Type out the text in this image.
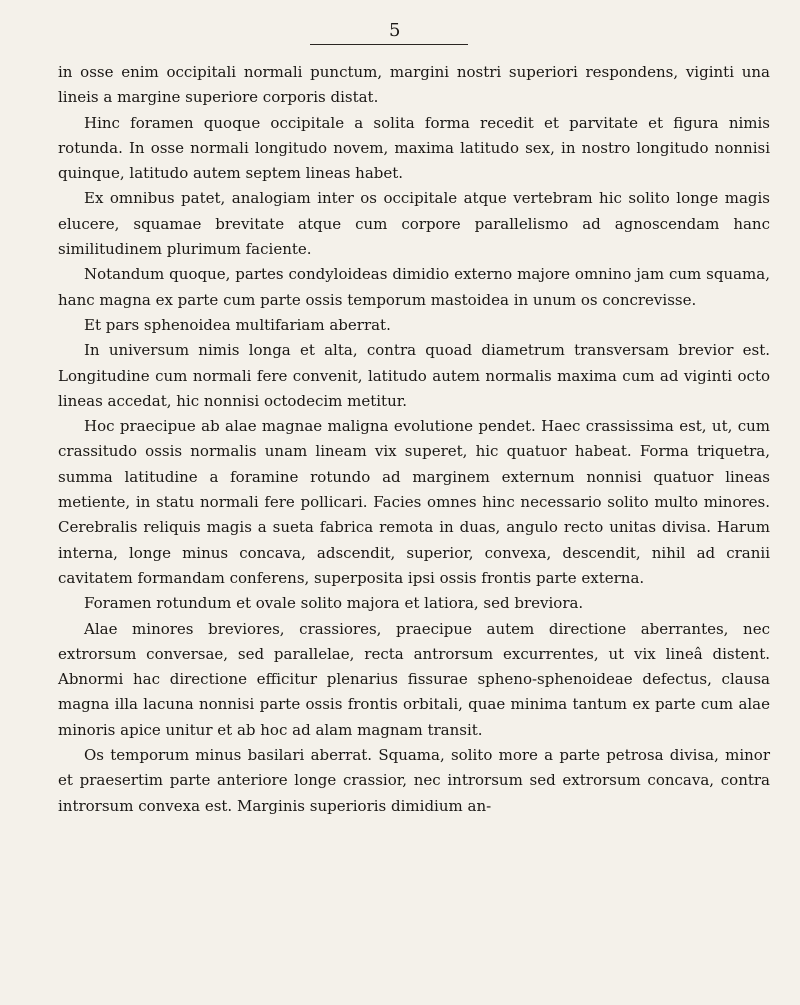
5

in osse enim occipitali normali punctum, margini nostri superiori respondens, viginti una lineis a margine superiore corporis distat.

Hinc foramen quoque occipitale a solita forma recedit et parvitate et figura nimis rotunda. In osse normali longitudo novem, maxima latitudo sex, in nostro longitudo nonnisi quinque, latitudo autem septem lineas habet.

Ex omnibus patet, analogiam inter os occipitale atque vertebram hic solito longe magis elucere, squamae brevitate atque cum corpore parallelismo ad agnoscendam hanc similitudinem plurimum faciente.

Notandum quoque, partes condyloideas dimidio externo majore omnino jam cum squama, hanc magna ex parte cum parte ossis temporum mastoidea in unum os concrevisse.

Et pars sphenoidea multifariam aberrat.

In universum nimis longa et alta, contra quoad diametrum transversam brevior est. Longitudine cum normali fere convenit, latitudo autem normalis maxima cum ad viginti octo lineas accedat, hic nonnisi octodecim metitur.

Hoc praecipue ab alae magnae maligna evolutione pendet. Haec crassissima est, ut, cum crassitudo ossis normalis unam lineam vix superet, hic quatuor habeat. Forma triquetra, summa latitudine a foramine rotundo ad marginem externum nonnisi quatuor lineas metiente, in statu normali fere pollicari. Facies omnes hinc necessario solito multo minores. Cerebralis reliquis magis a sueta fabrica remota in duas, angulo recto unitas divisa. Harum interna, longe minus concava, adscendit, superior, convexa, descendit, nihil ad cranii cavitatem formandam conferens, superposita ipsi ossis frontis parte externa.

Foramen rotundum et ovale solito majora et latiora, sed breviora.

Alae minores breviores, crassiores, praecipue autem directione aberrantes, nec extrorsum conversae, sed parallelae, recta antrorsum excurrentes, ut vix lineâ distent. Abnormi hac directione efficitur plenarius fissurae spheno-sphenoideae defectus, clausa magna illa lacuna nonnisi parte ossis frontis orbitali, quae minima tantum ex parte cum alae minoris apice unitur et ab hoc ad alam magnam transit.

Os temporum minus basilari aberrat. Squama, solito more a parte petrosa divisa, minor et praesertim parte anteriore longe crassior, nec introrsum sed extrorsum concava, contra introrsum convexa est. Marginis superioris dimidium an-
